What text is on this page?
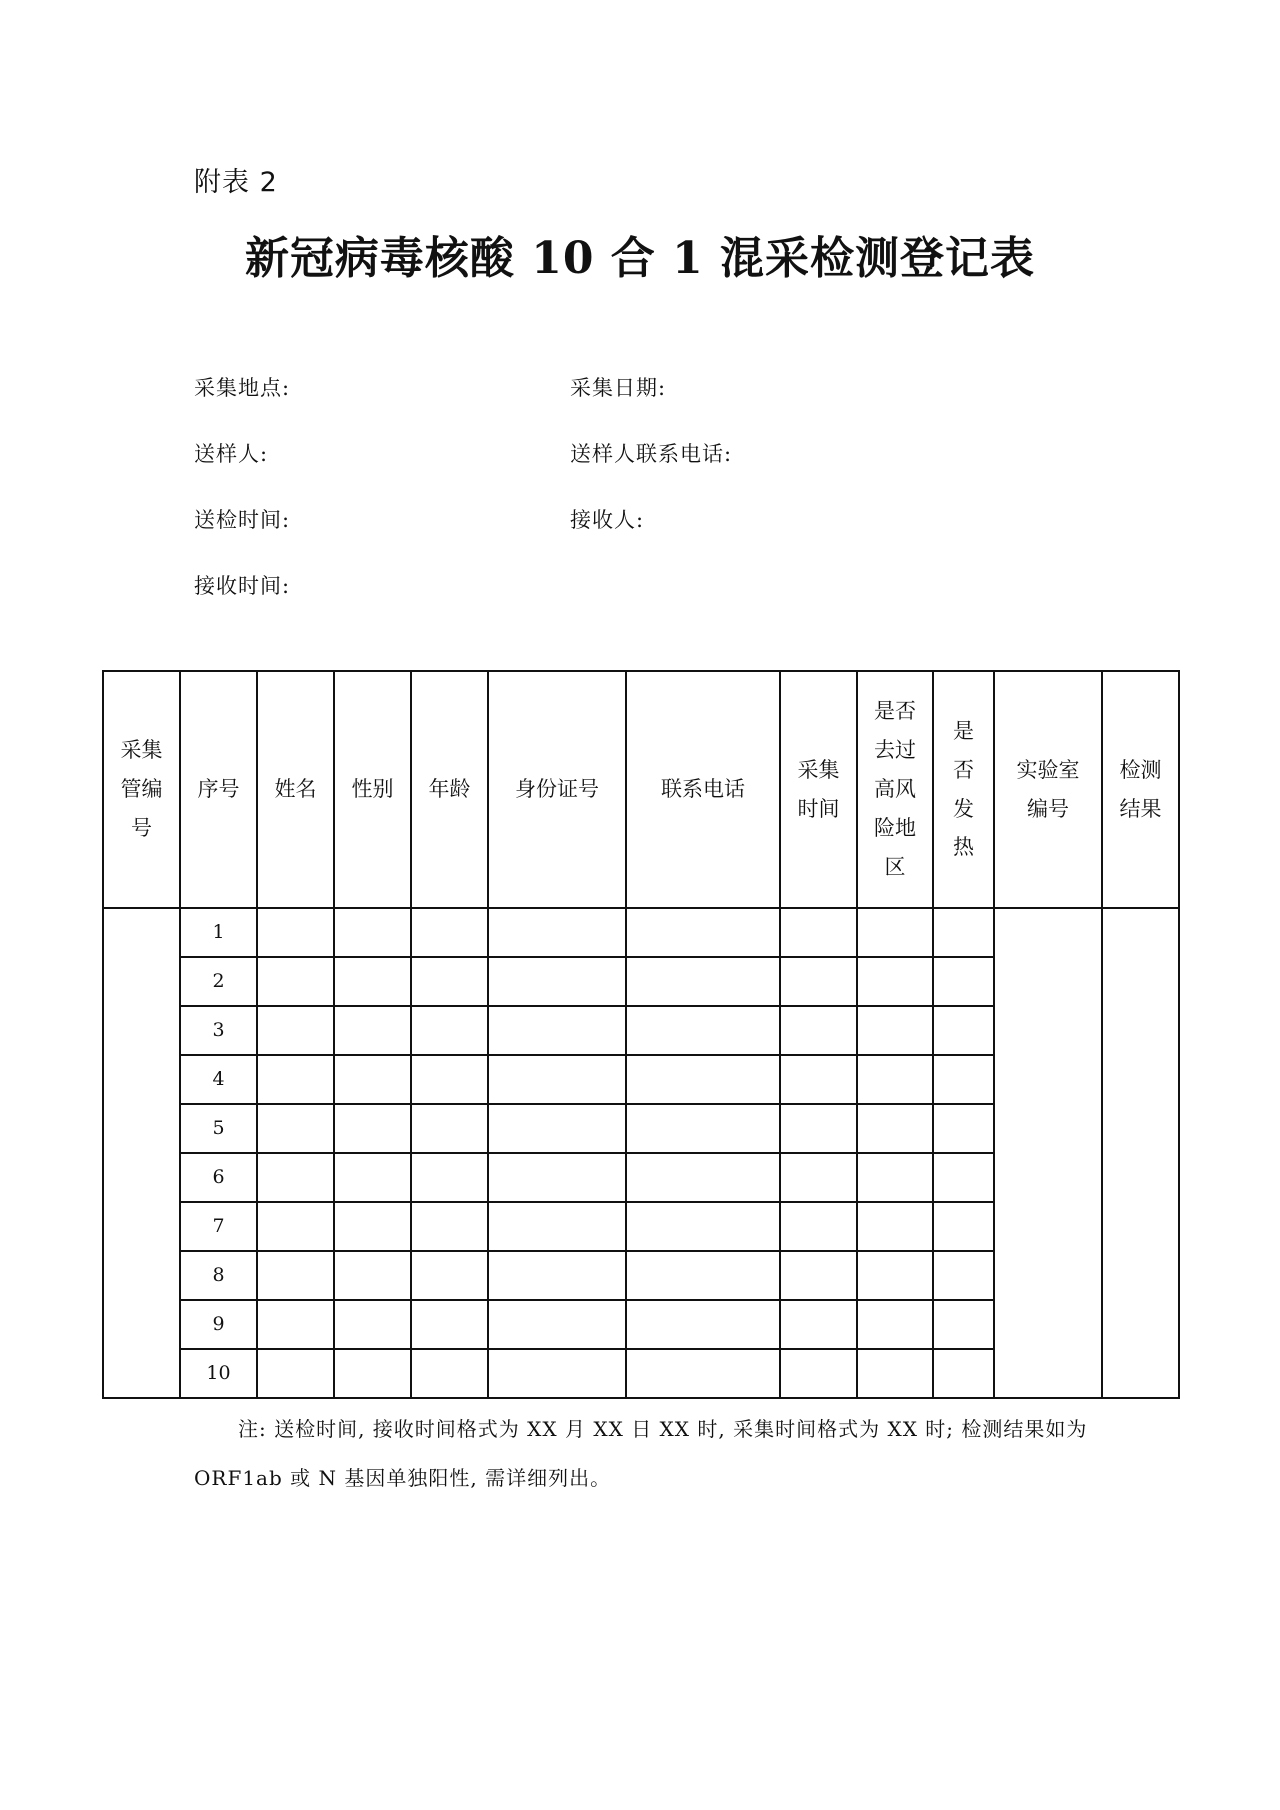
附表 2
新冠病毒核酸 10 合 1 混采检测登记表
采集地点:	采集日期:
送样人:	送样人联系电话:
送检时间:	接收人:
接收时间:
采集管编号	序号	姓名	性别	年龄	身份证号	联系电话	采集时间	是否去过高风险地区	是否发热	实验室编号	检测结果

	1										
	2										
	3										
	4										
	5										
	6										
	7										
	8										
	9										
	10										
注: 送检时间, 接收时间格式为 XX 月 XX 日 XX 时, 采集时间格式为 XX 时; 检测结果如为 ORF1ab 或 N 基因单独阳性, 需详细列出。
